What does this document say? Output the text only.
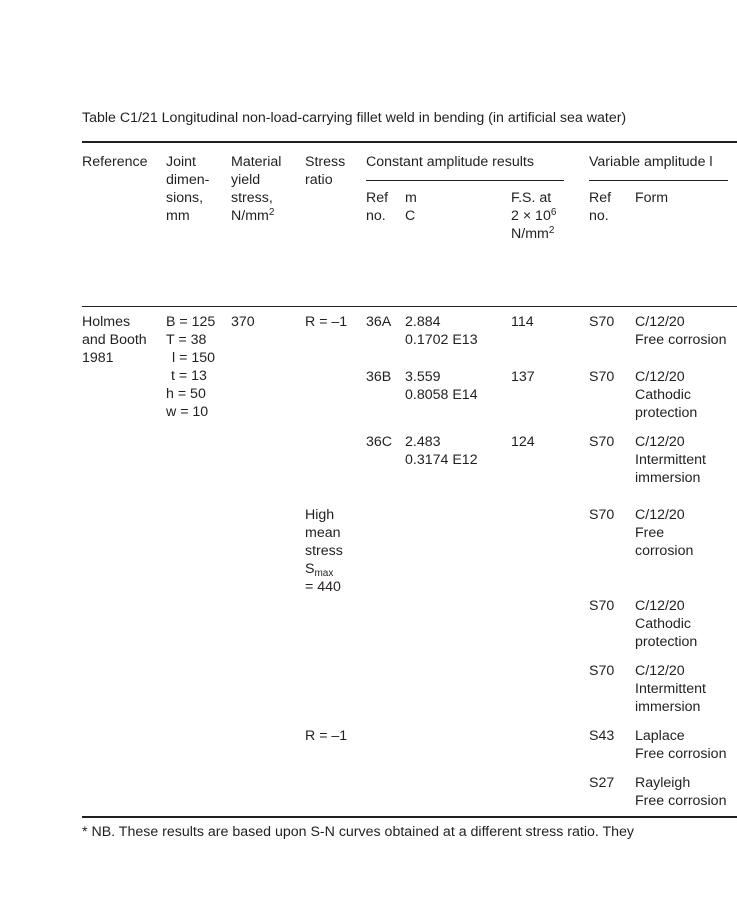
Table C1/21 Longitudinal non-load-carrying fillet weld in bending (in artificial sea water)
Reference Joint
dimen-
sions,
mm
Material
yield
stress,
$N/mm^2$
Stress
ratio
Constant amplitude results
Ref
no.
m
C
F.S. at
$2 \times 10^6$
$N/mm^2$
Variable amplitude l
Ref
no.
Form
Holmes
and Booth
1981
B = 125
T = 38
l = 150
t = 13
h = 50
w = 10
370	R = –1
High
mean
stress
$S_{max}$
= 440
R = –1
36A 2.884
0.1702 E13
114
36B 3.559
0.8058 E14
137
36C 2.483
0.3174 E12
124
S70 C/12/20
Free corrosion
S70 C/12/20
Cathodic
protection
S70 C/12/20
Intermittent
immersion
S70 C/12/20
Free
corrosion
S70 C/12/20
Cathodic
protection
S70 C/12/20
Intermittent
immersion
S43 Laplace
Free corrosion
S27 Rayleigh
Free corrosion
* NB. These results are based upon S-N curves obtained at a different stress ratio. They
